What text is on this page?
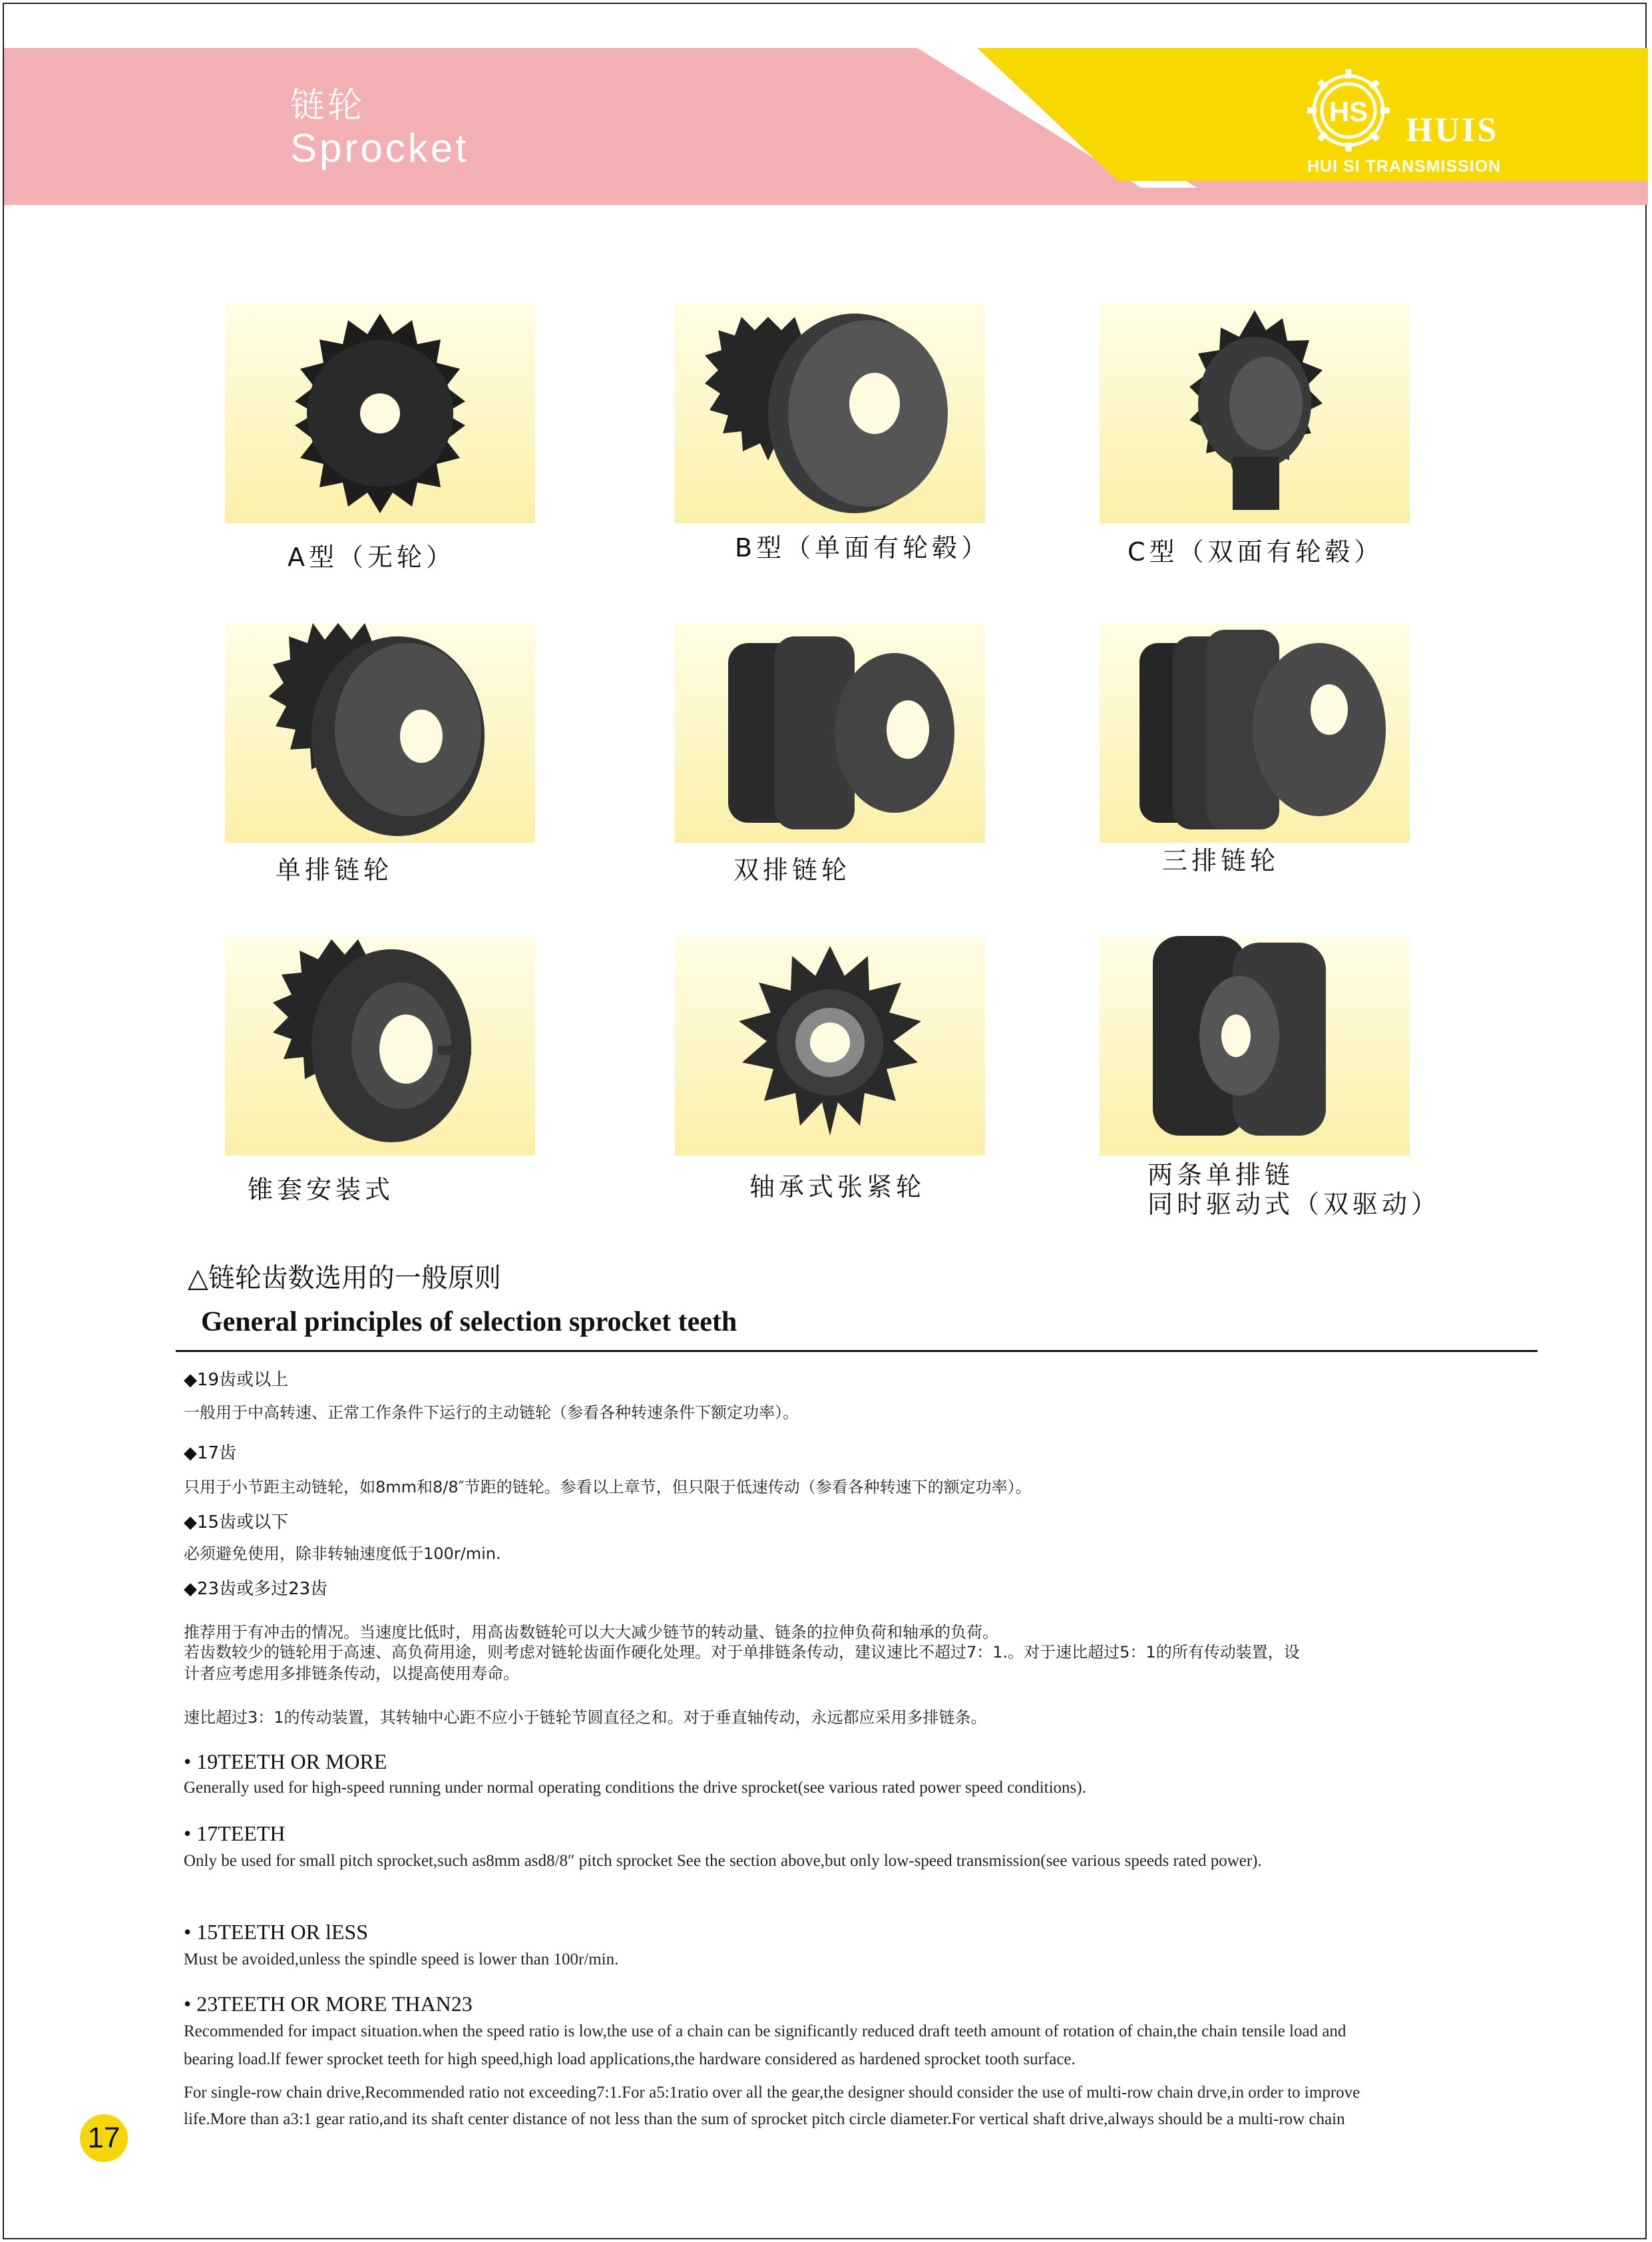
链轮
Sprocket
HS HUIS
HUI SI TRANSMISSION
A型（无轮）	B型（单面有轮毂）	C型（双面有轮毂）
单排链轮	双排链轮	三排链轮
锥套安装式	轴承式张紧轮	两条单排链
同时驱动式（双驱动）
△链轮齿数选用的一般原则
General principles of selection sprocket teeth
◆19齿或以上
一般用于中高转速、正常工作条件下运行的主动链轮（参看各种转速条件下额定功率）。
◆17齿
只用于小节距主动链轮，如8mm和8/8″节距的链轮。参看以上章节，但只限于低速传动（参看各种转速下的额定功率）。
◆15齿或以下
必须避免使用，除非转轴速度低于100r/min.
◆23齿或多过23齿
推荐用于有冲击的情况。当速度比低时，用高齿数链轮可以大大减少链节的转动量、链条的拉伸负荷和轴承的负荷。
若齿数较少的链轮用于高速、高负荷用途，则考虑对链轮齿面作硬化处理。对于单排链条传动，建议速比不超过7：1.。对于速比超过5：1的所有传动装置，设
计者应考虑用多排链条传动，以提高使用寿命。
速比超过3：1的传动装置，其转轴中心距不应小于链轮节圆直径之和。对于垂直轴传动，永远都应采用多排链条。
• 19TEETH OR MORE
Generally used for high-speed running under normal operating conditions the drive sprocket(see various rated power speed conditions).
• 17TEETH
Only be used for small pitch sprocket,such as8mm asd8/8″ pitch sprocket See the section above,but only low-speed transmission(see various speeds rated power).
• 15TEETH OR lESS
Must be avoided,unless the spindle speed is lower than 100r/min.
• 23TEETH OR MORE THAN23
Recommended for impact situation.when the speed ratio is low,the use of a chain can be significantly reduced draft teeth amount of rotation of chain,the chain tensile load and
bearing load.lf fewer sprocket teeth for high speed,high load applications,the hardware considered as hardened sprocket tooth surface.
For single-row chain drive,Recommended ratio not exceeding7:1.For a5:1ratio over all the gear,the designer should consider the use of multi-row chain drve,in order to improve
life.More than a3:1 gear ratio,and its shaft center distance of not less than the sum of sprocket pitch circle diameter.For vertical shaft drive,always should be a multi-row chain
17
